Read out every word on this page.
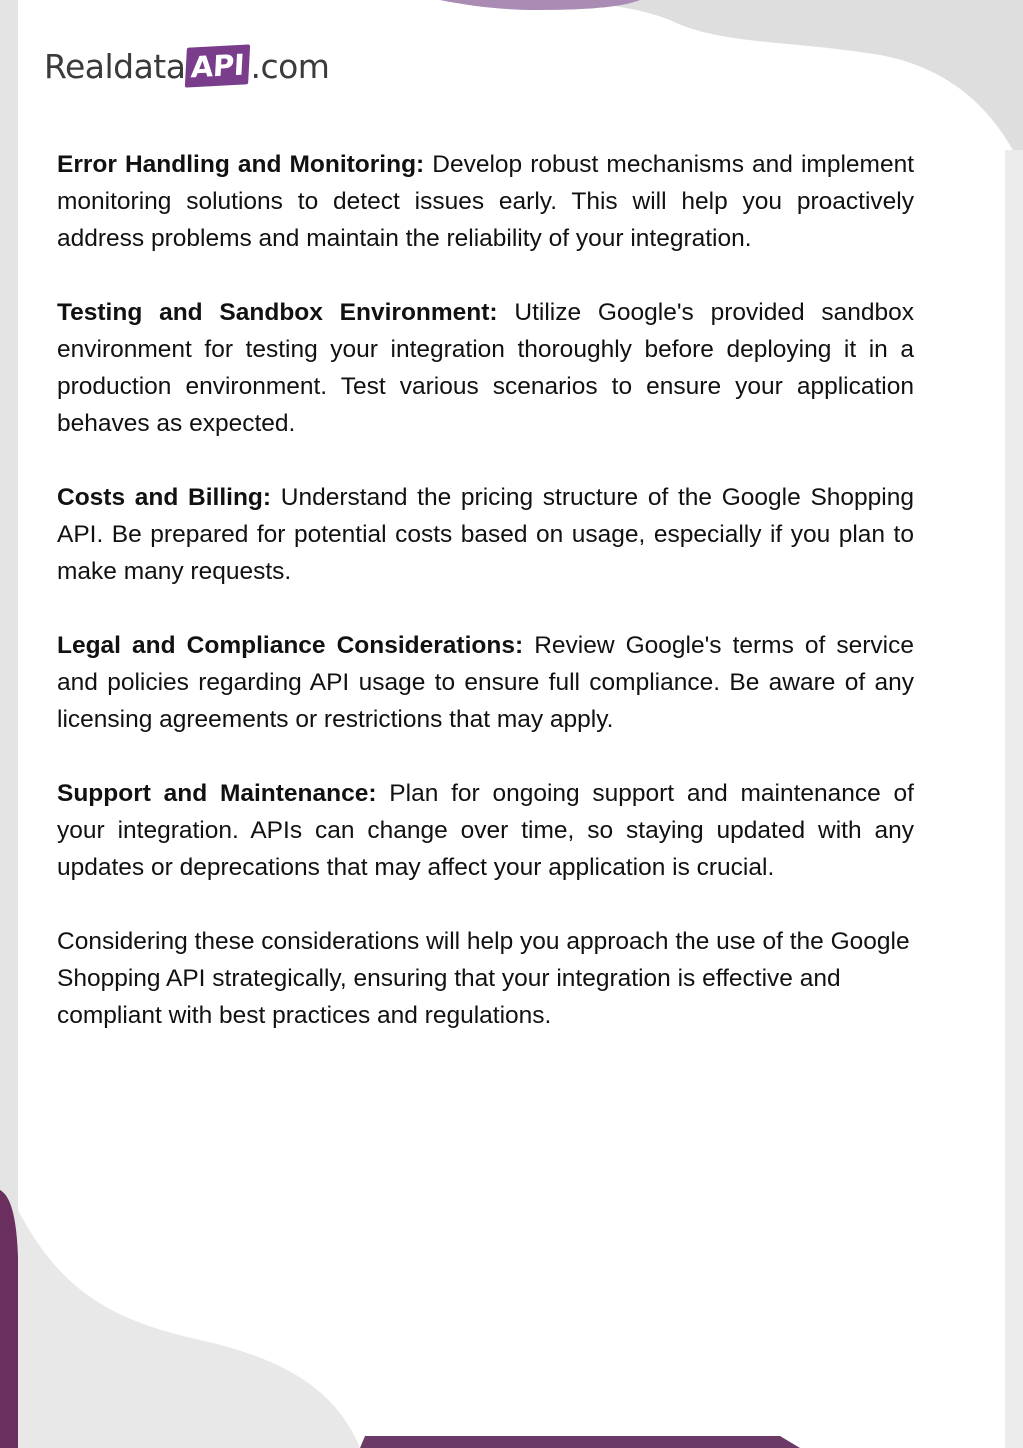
Realdata API .com

Error Handling and Monitoring: Develop robust mechanisms and implement monitoring solutions to detect issues early. This will help you proactively address problems and maintain the reliability of your integration.

Testing and Sandbox Environment: Utilize Google's provided sandbox environment for testing your integration thoroughly before deploying it in a production environment. Test various scenarios to ensure your application behaves as expected.

Costs and Billing: Understand the pricing structure of the Google Shopping API. Be prepared for potential costs based on usage, especially if you plan to make many requests.

Legal and Compliance Considerations: Review Google's terms of service and policies regarding API usage to ensure full compliance. Be aware of any licensing agreements or restrictions that may apply.

Support and Maintenance: Plan for ongoing support and maintenance of your integration. APIs can change over time, so staying updated with any updates or deprecations that may affect your application is crucial.

Considering these considerations will help you approach the use of the Google Shopping API strategically, ensuring that your integration is effective and compliant with best practices and regulations.
